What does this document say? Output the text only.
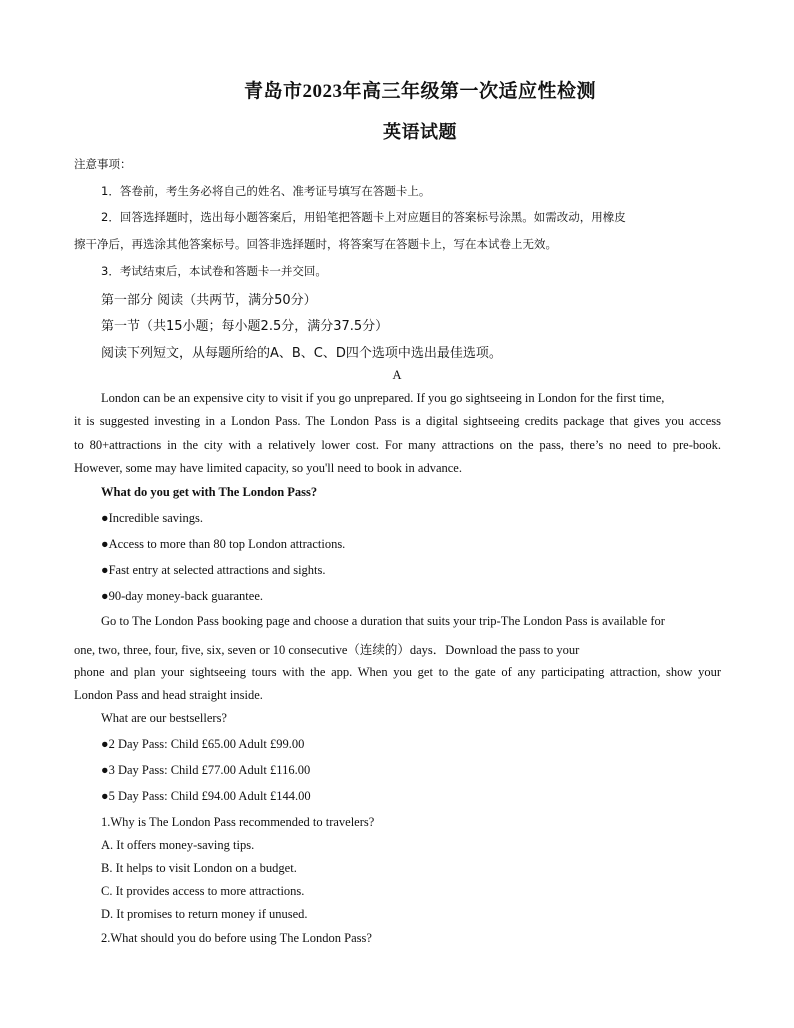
青岛市2023年高三年级第一次适应性检测
英语试题
注意事项：
1．答卷前，考生务必将自己的姓名、准考证号填写在答题卡上。
2．回答选择题时，选出每小题答案后，用铅笔把答题卡上对应题目的答案标号涂黑。如需改动，用橡皮
擦干净后，再选涂其他答案标号。回答非选择题时，将答案写在答题卡上，写在本试卷上无效。
3．考试结束后，本试卷和答题卡一并交回。
第一部分 阅读（共两节，满分50分）
第一节（共15小题；每小题2.5分，满分37.5分）
阅读下列短文，从每题所给的A、B、C、D四个选项中选出最佳选项。
A
London can be an expensive city to visit if you go unprepared. If you go sightseeing in London for the first time,
it is suggested investing in a London Pass. The London Pass is a digital sightseeing credits package that gives you access
to 80+attractions in the city with a relatively lower cost. For many attractions on the pass, there’s no need to pre-book.
However, some may have limited capacity, so you'll need to book in advance.
What do you get with The London Pass?
● Incredible savings.
● Access to more than 80 top London attractions.
● Fast entry at selected attractions and sights.
● 90-day money-back guarantee.
Go to The London Pass booking page and choose a duration that suits your trip-The London Pass is available for
one, two, three, four, five, six, seven or 10 consecutive（连续的）days．Download the pass to your
phone and plan your sightseeing tours with the app. When you get to the gate of any participating attraction, show your
London Pass and head straight inside.
What are our bestsellers?
● 2 Day Pass: Child £65.00 Adult £99.00
● 3 Day Pass: Child £77.00 Adult £116.00
● 5 Day Pass: Child £94.00 Adult £144.00
1.Why is The London Pass recommended to travelers?
A. It offers money-saving tips.
B. It helps to visit London on a budget.
C. It provides access to more attractions.
D. It promises to return money if unused.
2.What should you do before using The London Pass?
